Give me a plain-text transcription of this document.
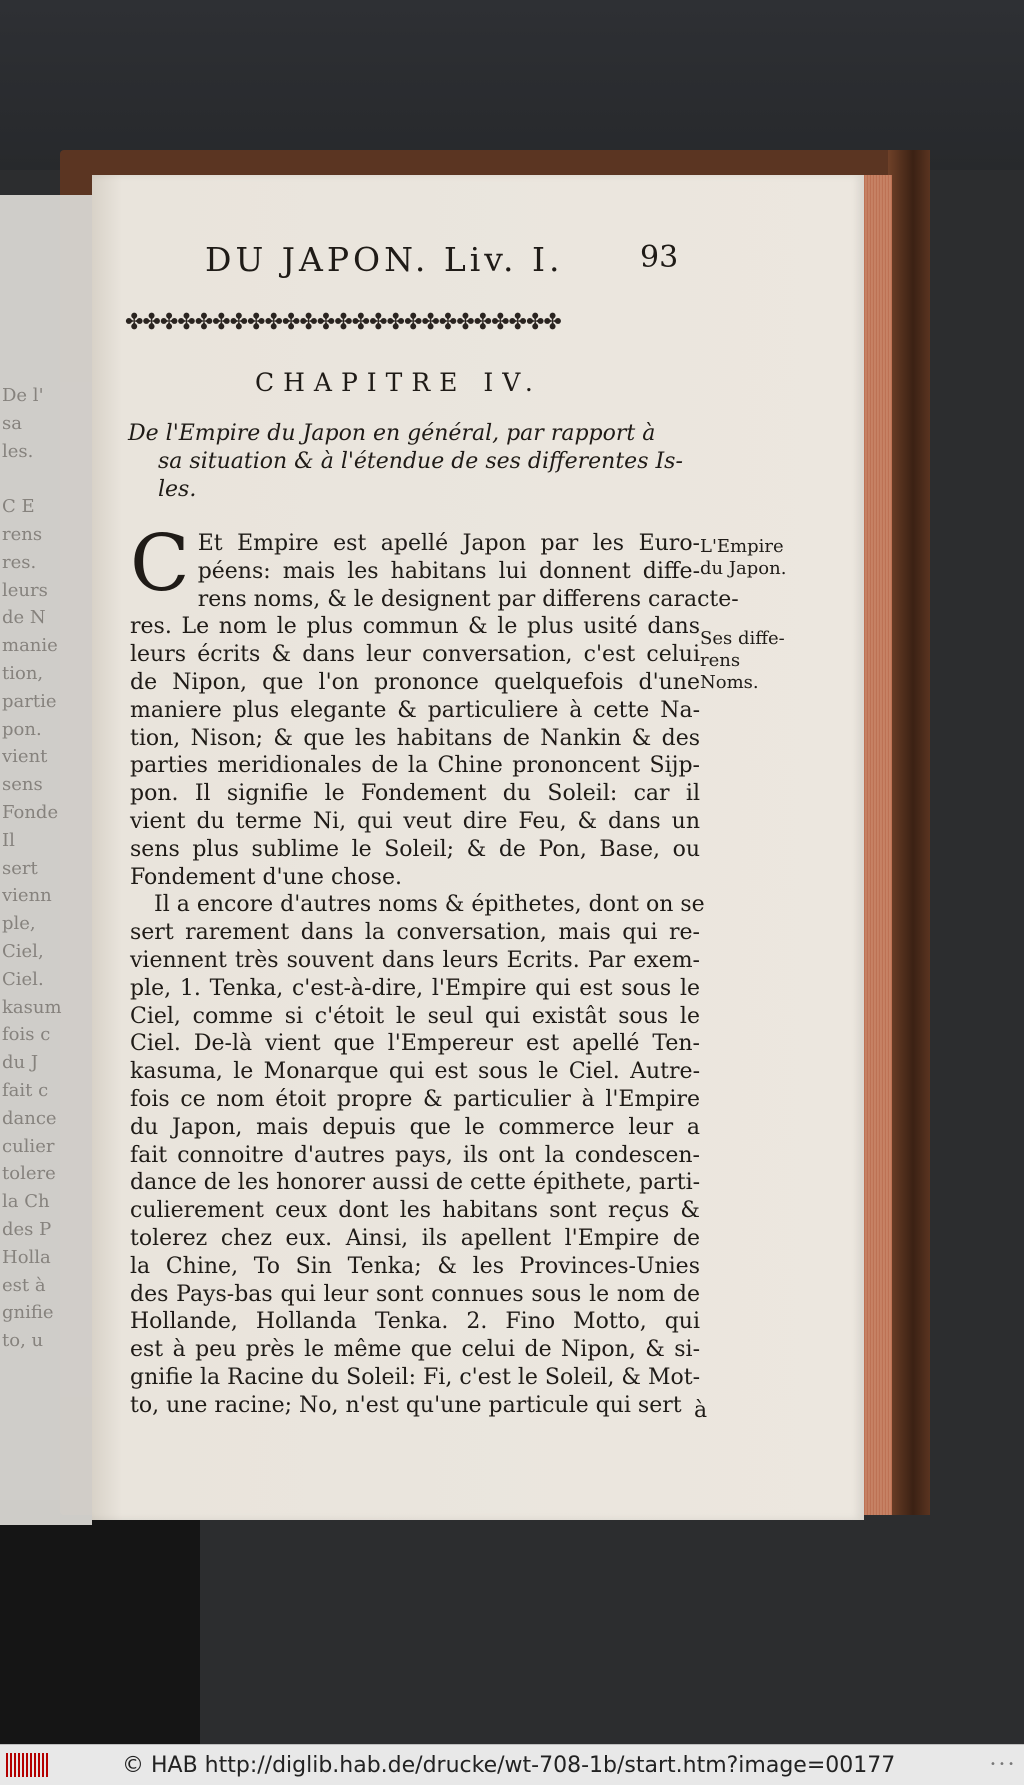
De l'
sa
les.
C E
rens
res.
leurs
de N
manie
tion,
partie
pon.
vient
sens
Fonde
Il
sert
vienn
ple,
Ciel,
Ciel.
kasum
fois c
du J
fait c
dance
culier
tolere
la Ch
des P
Holla
est à
gnifie
to, u
DU JAPON. Liv. I.	93
✤✤✤✤✤✤✤✤✤✤✤✤✤✤✤✤✤✤✤✤✤✤✤✤✤
CHAPITRE IV.
De l'Empire du Japon en général, par rapport à
sa situation & à l'étendue de ses differentes Is-
les.
C Et Empire est apellé Japon par les Euro-
péens: mais les habitans lui donnent diffe-
rens noms, & le designent par differens caracte-
res. Le nom le plus commun & le plus usité dans
leurs écrits & dans leur conversation, c'est celui
de Nipon, que l'on prononce quelquefois d'une
maniere plus elegante & particuliere à cette Na-
tion, Nison; & que les habitans de Nankin & des
parties meridionales de la Chine prononcent Sijp-
pon. Il signifie le Fondement du Soleil: car il
vient du terme Ni, qui veut dire Feu, & dans un
sens plus sublime le Soleil; & de Pon, Base, ou
Fondement d'une chose.
Il a encore d'autres noms & épithetes, dont on se
sert rarement dans la conversation, mais qui re-
viennent très souvent dans leurs Ecrits. Par exem-
ple, 1. Tenka, c'est-à-dire, l'Empire qui est sous le
Ciel, comme si c'étoit le seul qui existât sous le
Ciel. De-là vient que l'Empereur est apellé Ten-
kasuma, le Monarque qui est sous le Ciel. Autre-
fois ce nom étoit propre & particulier à l'Empire
du Japon, mais depuis que le commerce leur a
fait connoitre d'autres pays, ils ont la condescen-
dance de les honorer aussi de cette épithete, parti-
culierement ceux dont les habitans sont reçus &
tolerez chez eux. Ainsi, ils apellent l'Empire de
la Chine, To Sin Tenka; & les Provinces-Unies
des Pays-bas qui leur sont connues sous le nom de
Hollande, Hollanda Tenka. 2. Fino Motto, qui
est à peu près le même que celui de Nipon, & si-
gnifie la Racine du Soleil: Fi, c'est le Soleil, & Mot-
to, une racine; No, n'est qu'une particule qui sert
L'Empire
du Japon.
Ses diffe-
rens
Noms.
à
© HAB http://diglib.hab.de/drucke/wt-708-1b/start.htm?image=00177	• • •
